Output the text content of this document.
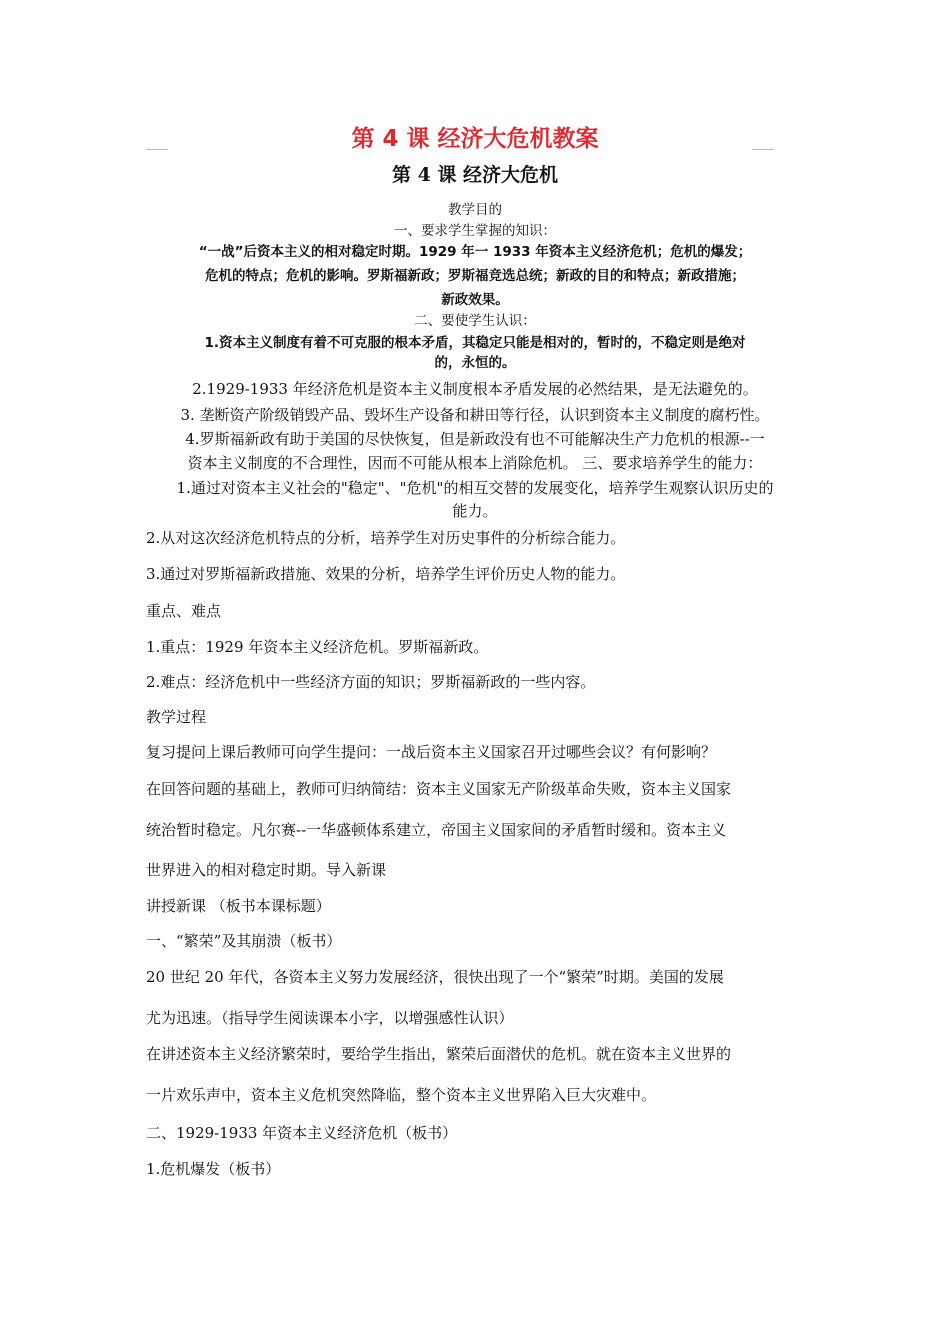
第 4 课 经济大危机教案
第 4 课 经济大危机
教学目的
一、要求学生掌握的知识：
“一战”后资本主义的相对稳定时期。1929 年一 1933 年资本主义经济危机；危机的爆发；
危机的特点；危机的影响。罗斯福新政；罗斯福竞选总统；新政的目的和特点；新政措施；
新政效果。
二、要使学生认识：
1.资本主义制度有着不可克服的根本矛盾，其稳定只能是相对的，暂时的，不稳定则是绝对
的，永恒的。
2.1929-1933 年经济危机是资本主义制度根本矛盾发展的必然结果，是无法避免的。
3. 垄断资产阶级销毁产品、毁坏生产设备和耕田等行径，认识到资本主义制度的腐朽性。
4.罗斯福新政有助于美国的尽快恢复，但是新政没有也不可能解决生产力危机的根源--一
资本主义制度的不合理性，因而不可能从根本上消除危机。 三、要求培养学生的能力：
1.通过对资本主义社会的"稳定"、"危机"的相互交替的发展变化，培养学生观察认识历史的
能力。
2.从对这次经济危机特点的分析，培养学生对历史事件的分析综合能力。
3.通过对罗斯福新政措施、效果的分析，培养学生评价历史人物的能力。
重点、难点
1.重点：1929 年资本主义经济危机。罗斯福新政。
2.难点：经济危机中一些经济方面的知识；罗斯福新政的一些内容。
教学过程
复习提问上课后教师可向学生提问：一战后资本主义国家召开过哪些会议？有何影响？
在回答问题的基础上，教师可归纳简结：资本主义国家无产阶级革命失败，资本主义国家
统治暂时稳定。凡尔赛--一华盛顿体系建立，帝国主义国家间的矛盾暂时缓和。资本主义
世界进入的相对稳定时期。导入新课
讲授新课 （板书本课标题）
一、“繁荣”及其崩溃（板书）
20 世纪 20 年代，各资本主义努力发展经济，很快出现了一个“繁荣”时期。美国的发展
尤为迅速。（指导学生阅读课本小字，以增强感性认识）
在讲述资本主义经济繁荣时，要给学生指出，繁荣后面潜伏的危机。就在资本主义世界的
一片欢乐声中，资本主义危机突然降临，整个资本主义世界陷入巨大灾难中。
二、1929-1933 年资本主义经济危机（板书）
1.危机爆发（板书）
